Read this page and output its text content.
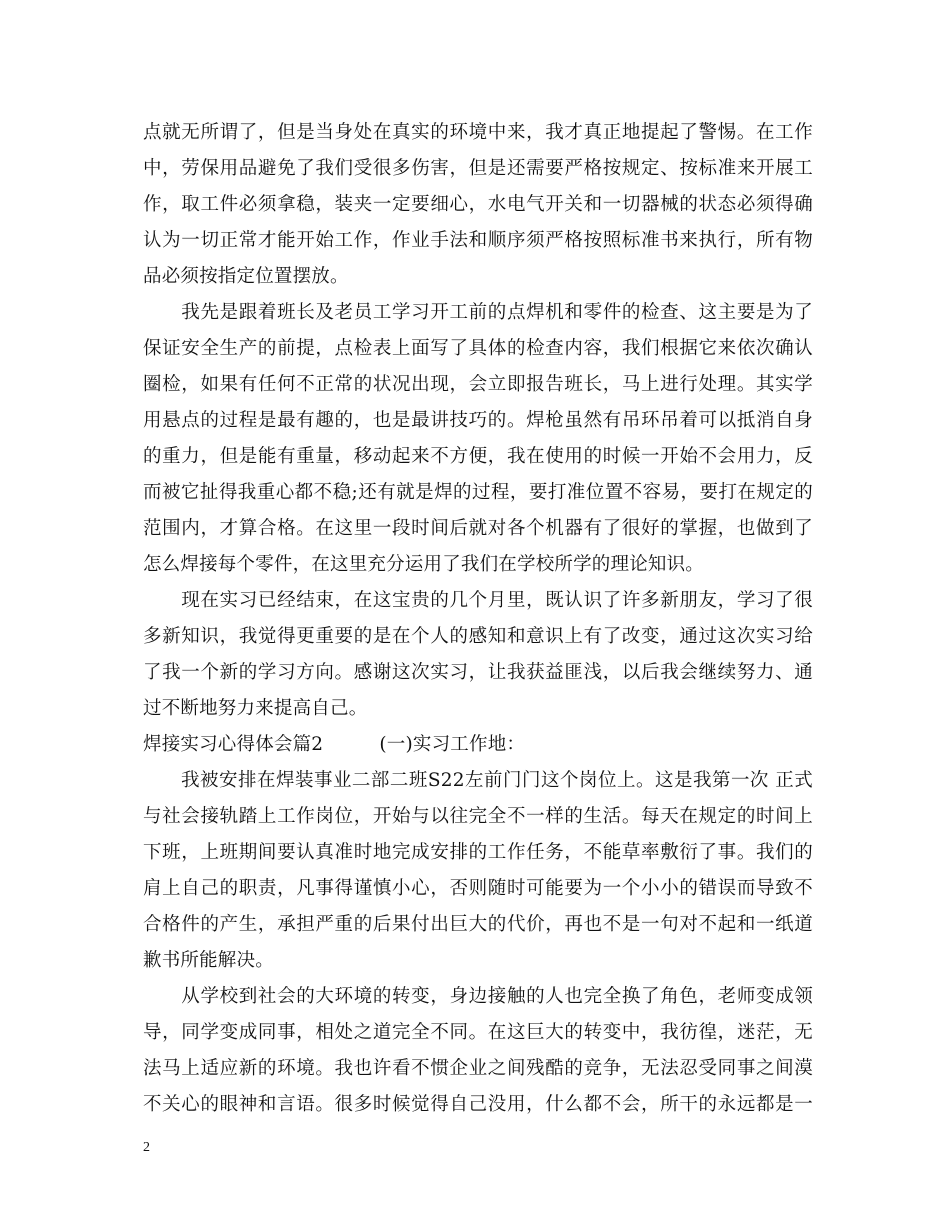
点就无所谓了，但是当身处在真实的环境中来，我才真正地提起了警惕。在工作
中，劳保用品避免了我们受很多伤害，但是还需要严格按规定、按标准来开展工
作，取工件必须拿稳，装夹一定要细心，水电气开关和一切器械的状态必须得确
认为一切正常才能开始工作，作业手法和顺序须严格按照标准书来执行，所有物
品必须按指定位置摆放。
　　我先是跟着班长及老员工学习开工前的点焊机和零件的检查、这主要是为了
保证安全生产的前提，点检表上面写了具体的检查内容，我们根据它来依次确认
圈检，如果有任何不正常的状况出现，会立即报告班长，马上进行处理。其实学
用悬点的过程是最有趣的，也是最讲技巧的。焊枪虽然有吊环吊着可以抵消自身
的重力，但是能有重量，移动起来不方便，我在使用的时候一开始不会用力，反
而被它扯得我重心都不稳;还有就是焊的过程，要打准位置不容易，要打在规定的
范围内，才算合格。在这里一段时间后就对各个机器有了很好的掌握，也做到了
怎么焊接每个零件，在这里充分运用了我们在学校所学的理论知识。
　　现在实习已经结束，在这宝贵的几个月里，既认识了许多新朋友，学习了很
多新知识，我觉得更重要的是在个人的感知和意识上有了改变，通过这次实习给
了我一个新的学习方向。感谢这次实习，让我获益匪浅，以后我会继续努力、通
过不断地努力来提高自己。
焊接实习心得体会篇2　　　(一)实习工作地：
　　我被安排在焊装事业二部二班S22左前门门这个岗位上。这是我第一次 正式
与社会接轨踏上工作岗位，开始与以往完全不一样的生活。每天在规定的时间上
下班，上班期间要认真准时地完成安排的工作任务，不能草率敷衍了事。我们的
肩上自己的职责，凡事得谨慎小心，否则随时可能要为一个小小的错误而导致不
合格件的产生，承担严重的后果付出巨大的代价，再也不是一句对不起和一纸道
歉书所能解决。
　　从学校到社会的大环境的转变，身边接触的人也完全换了角色，老师变成领
导，同学变成同事，相处之道完全不同。在这巨大的转变中，我彷徨，迷茫，无
法马上适应新的环境。我也许看不惯企业之间残酷的竞争，无法忍受同事之间漠
不关心的眼神和言语。很多时候觉得自己没用，什么都不会，所干的永远都是一
2
